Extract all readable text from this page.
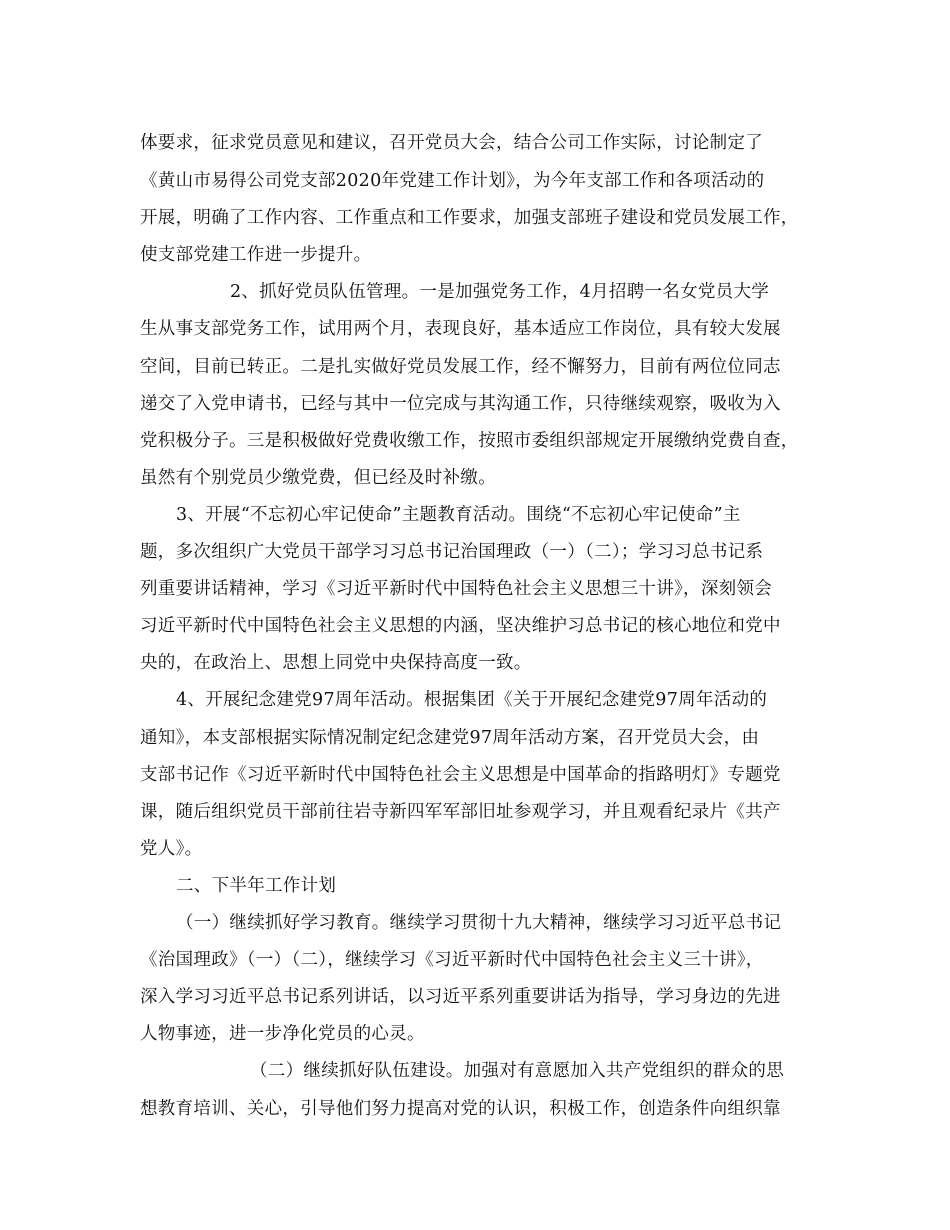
体要求，征求党员意见和建议，召开党员大会，结合公司工作实际，讨论制定了
《黄山市易得公司党支部2020年党建工作计划》，为今年支部工作和各项活动的
开展，明确了工作内容、工作重点和工作要求，加强支部班子建设和党员发展工作，
使支部党建工作进一步提升。
2、抓好党员队伍管理。一是加强党务工作，4月招聘一名女党员大学
生从事支部党务工作，试用两个月，表现良好，基本适应工作岗位，具有较大发展
空间，目前已转正。二是扎实做好党员发展工作，经不懈努力，目前有两位位同志
递交了入党申请书，已经与其中一位完成与其沟通工作，只待继续观察，吸收为入
党积极分子。三是积极做好党费收缴工作，按照市委组织部规定开展缴纳党费自查，
虽然有个别党员少缴党费，但已经及时补缴。
3、开展“不忘初心牢记使命”主题教育活动。围绕“不忘初心牢记使命”主
题，多次组织广大党员干部学习习总书记治国理政（一）（二）；学习习总书记系
列重要讲话精神，学习《习近平新时代中国特色社会主义思想三十讲》，深刻领会
习近平新时代中国特色社会主义思想的内涵，坚决维护习总书记的核心地位和党中
央的，在政治上、思想上同党中央保持高度一致。
4、开展纪念建党97周年活动。根据集团《关于开展纪念建党97周年活动的
通知》，本支部根据实际情况制定纪念建党97周年活动方案，召开党员大会，由
支部书记作《习近平新时代中国特色社会主义思想是中国革命的指路明灯》专题党
课，随后组织党员干部前往岩寺新四军军部旧址参观学习，并且观看纪录片《共产
党人》。
二、下半年工作计划
（一）继续抓好学习教育。继续学习贯彻十九大精神，继续学习习近平总书记
《治国理政》（一）（二），继续学习《习近平新时代中国特色社会主义三十讲》，
深入学习习近平总书记系列讲话，以习近平系列重要讲话为指导，学习身边的先进
人物事迹，进一步净化党员的心灵。
（二）继续抓好队伍建设。加强对有意愿加入共产党组织的群众的思
想教育培训、关心，引导他们努力提高对党的认识，积极工作，创造条件向组织靠
